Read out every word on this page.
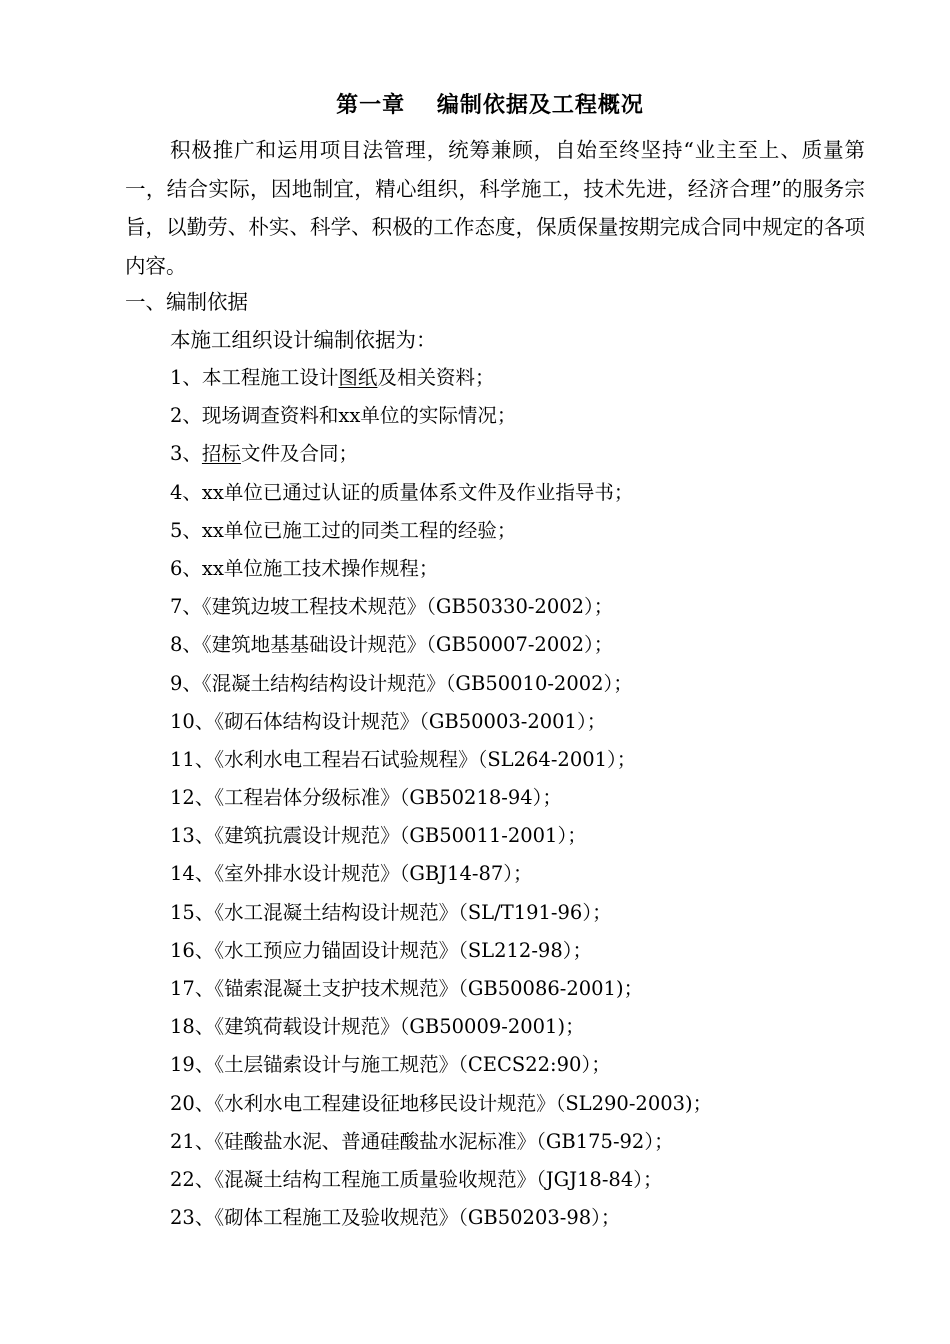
第一章　 编制依据及工程概况

积极推广和运用项目法管理，统筹兼顾，自始至终坚持“业主至上、质量第一，结合实际，因地制宜，精心组织，科学施工，技术先进，经济合理”的服务宗旨，以勤劳、朴实、科学、积极的工作态度，保质保量按期完成合同中规定的各项内容。

一、编制依据
本施工组织设计编制依据为：
1、本工程施工设计图纸及相关资料；
2、现场调查资料和xx单位的实际情况；
3、招标文件及合同；
4、xx单位已通过认证的质量体系文件及作业指导书；
5、xx单位已施工过的同类工程的经验；
6、xx单位施工技术操作规程；
7、《建筑边坡工程技术规范》（GB50330-2002）；
8、《建筑地基基础设计规范》（GB50007-2002）；
9、《混凝土结构结构设计规范》（GB50010-2002）；
10、《砌石体结构设计规范》（GB50003-2001）；
11、《水利水电工程岩石试验规程》（SL264-2001）；
12、《工程岩体分级标准》（GB50218-94）；
13、《建筑抗震设计规范》（GB50011-2001）；
14、《室外排水设计规范》（GBJ14-87）；
15、《水工混凝土结构设计规范》（SL/T191-96）；
16、《水工预应力锚固设计规范》（SL212-98）；
17、《锚索混凝土支护技术规范》（GB50086-2001)；
18、《建筑荷载设计规范》（GB50009-2001)；
19、《土层锚索设计与施工规范》（CECS22:90）；
20、《水利水电工程建设征地移民设计规范》（SL290-2003)；
21、《硅酸盐水泥、普通硅酸盐水泥标准》（GB175-92）；
22、《混凝土结构工程施工质量验收规范》（JGJ18-84）；
23、《砌体工程施工及验收规范》（GB50203-98）；
